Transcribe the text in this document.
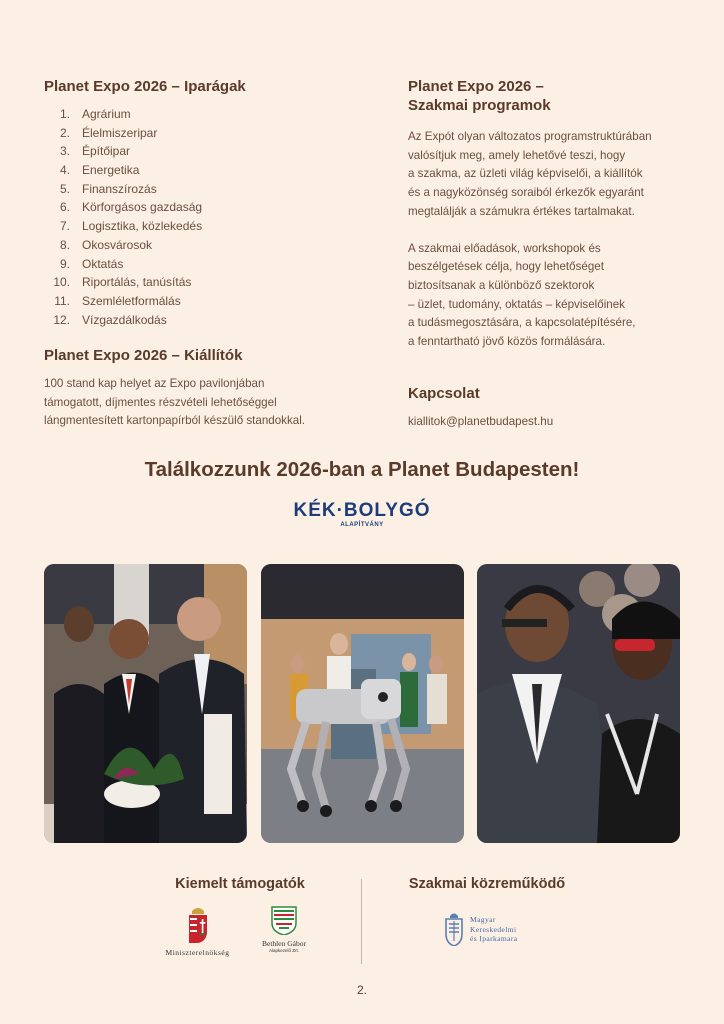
Planet Expo 2026 – Iparágak
1. Agrárium
2. Élelmiszeripar
3. Építőipar
4. Energetika
5. Finanszírozás
6. Körforgásos gazdaság
7. Logisztika, közlekedés
8. Okosvárosok
9. Oktatás
10. Riportálás, tanúsítás
11. Szemléletformálás
12. Vízgazdálkodás
Planet Expo 2026 – Kiállítók

100 stand kap helyet az Expo pavilonjában

támogatott, díjmentes részvételi lehetőséggel

lángmentesített kartonpapírból készülő standokkal.

Planet Expo 2026 –
Szakmai programok

Az Expót olyan változatos programstruktúrában

valósítjuk meg, amely lehetővé teszi, hogy

a szakma, az üzleti világ képviselői, a kiállítók

és a nagyközönség soraiból érkezők egyaránt

megtalálják a számukra értékes tartalmakat.

A szakmai előadások, workshopok és

beszélgetések célja, hogy lehetőséget

biztosítsanak a különböző szektorok

– üzlet, tudomány, oktatás – képviselőinek

a tudásmegosztására, a kapcsolatépítésére,

a fenntartható jövő közös formálására.

Kapcsolat

kiallitok@planetbudapest.hu

Találkozzunk 2026-ban a Planet Budapesten!
KÉK·BOLYGÓ
ALAPÍTVÁNY
Kiemelt támogatók
Miniszterelnökség
Bethlen Gábor
Alapkezelő Zrt.
Szakmai közreműködő
Magyar
Kereskedelmi
és Iparkamara
2.
